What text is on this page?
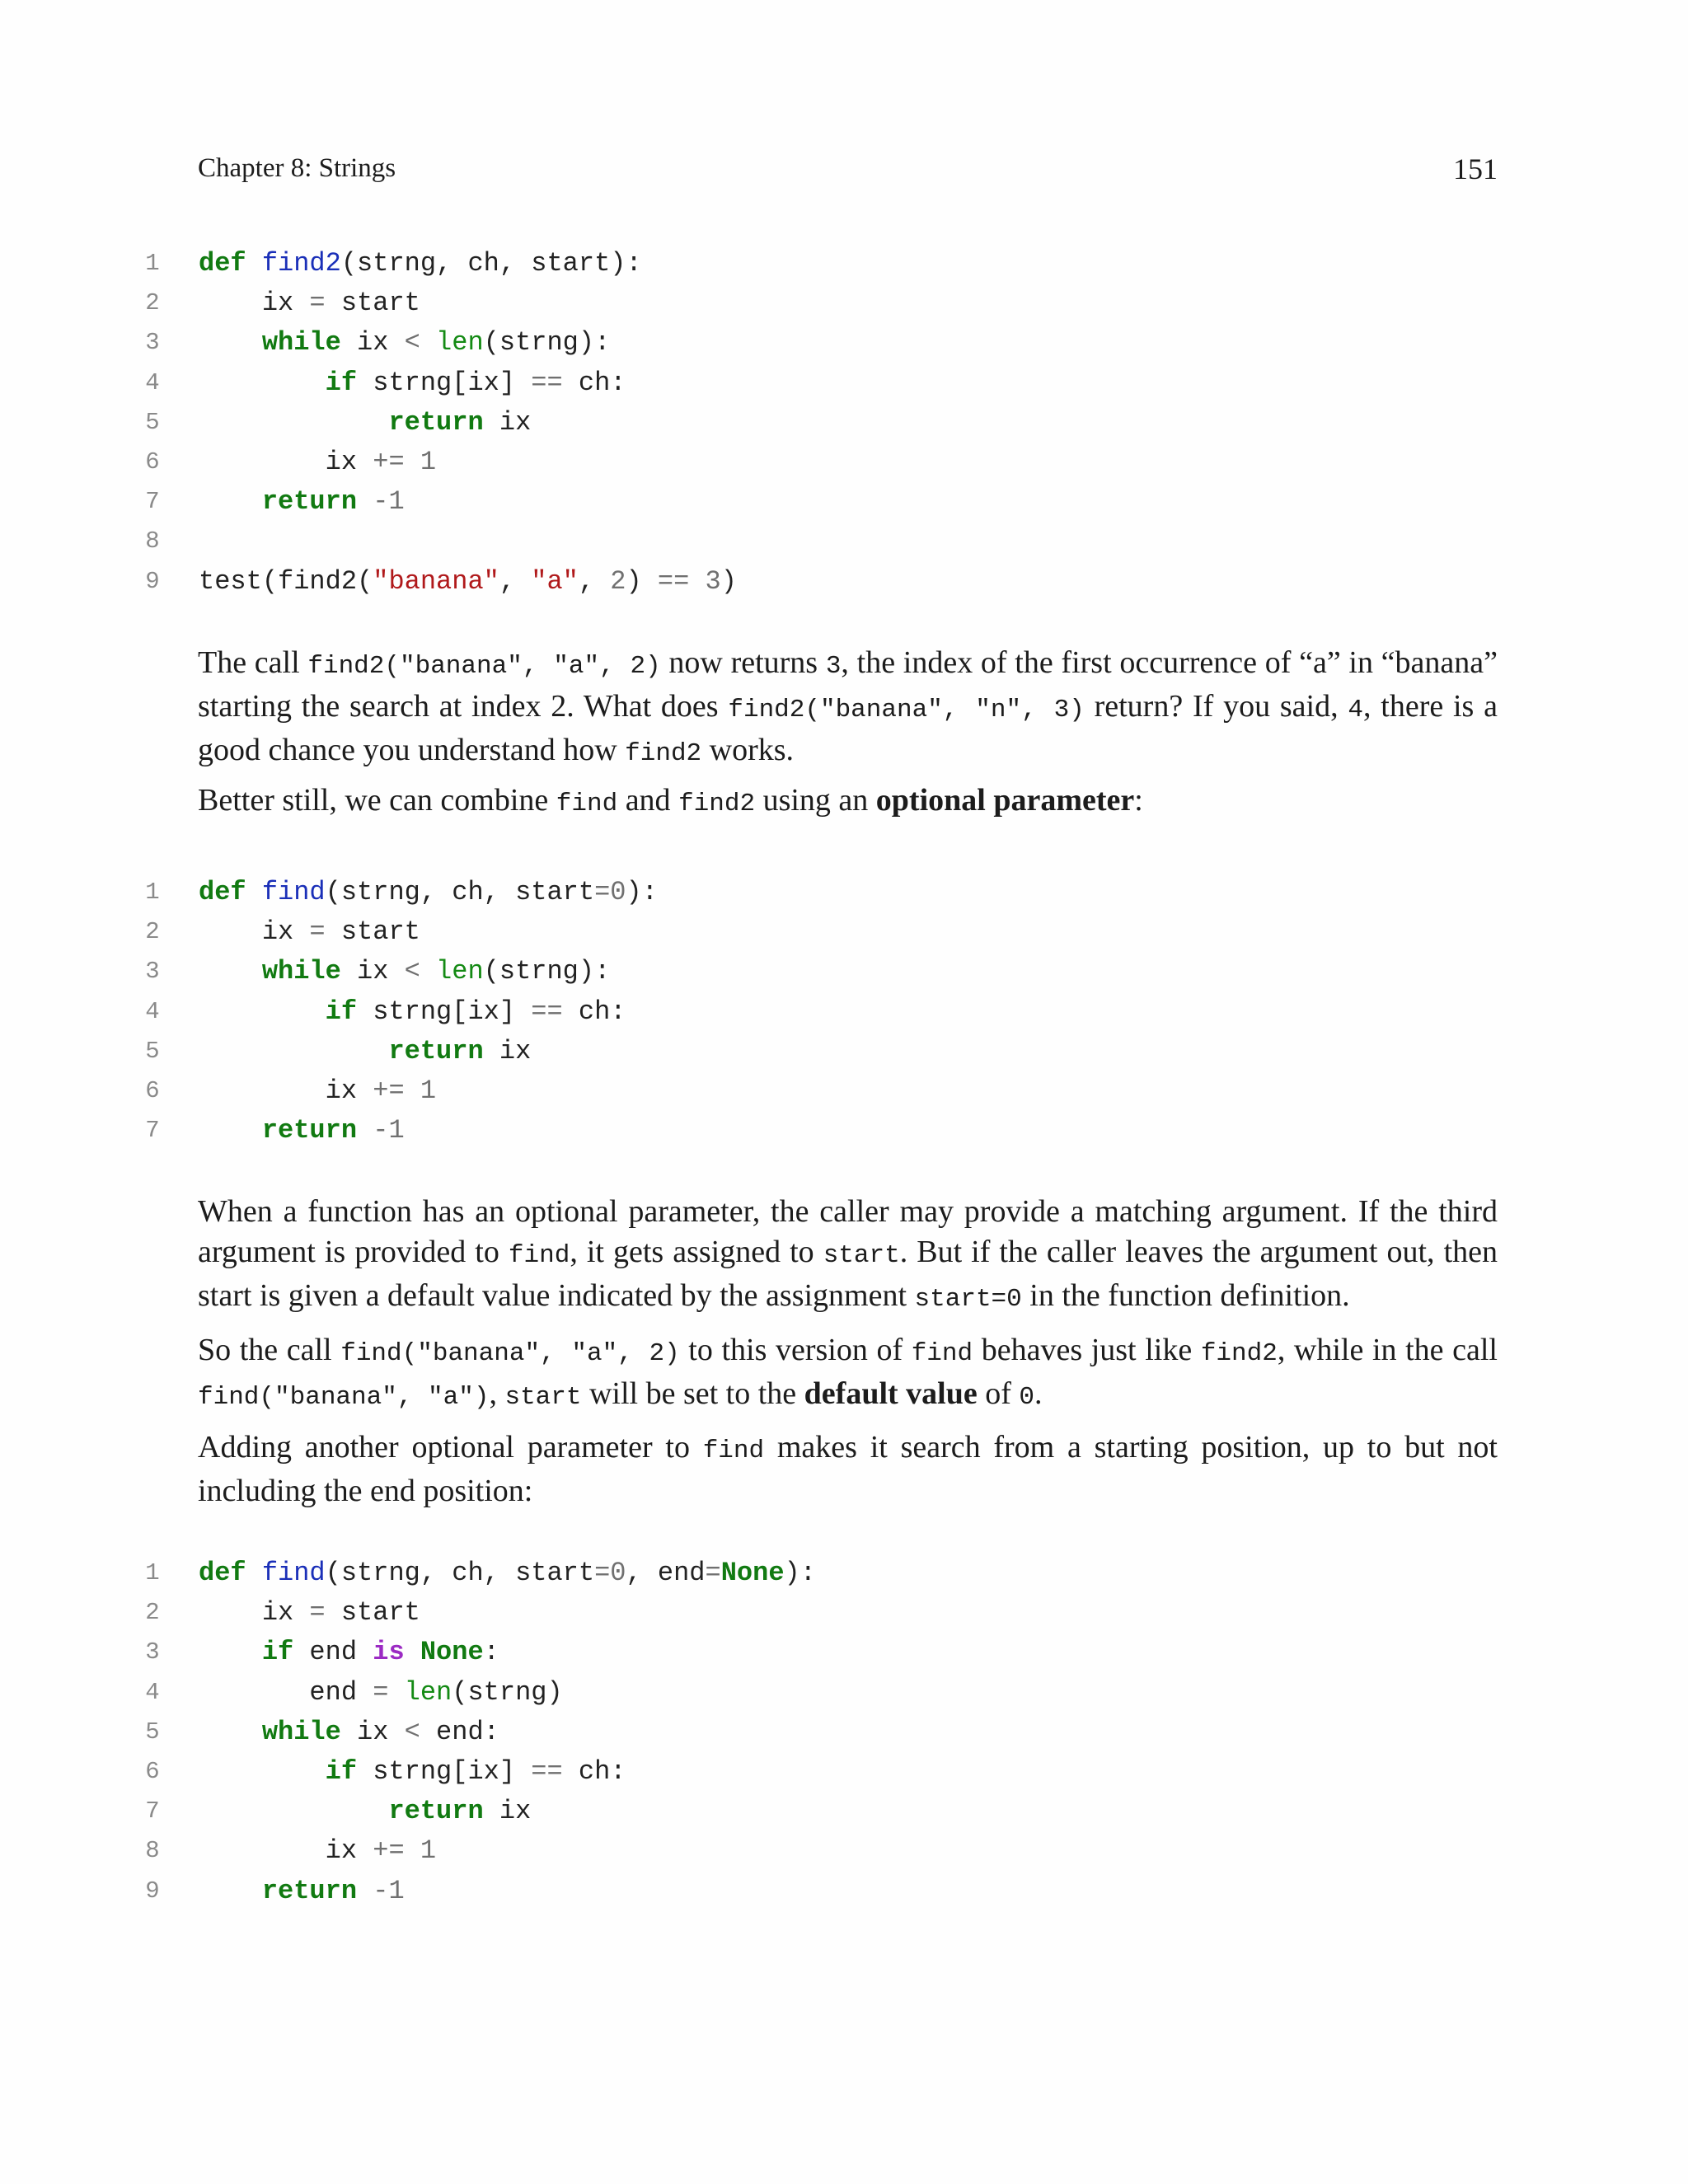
Chapter 8: Strings	151
1 def find2(strng, ch, start):
2	ix = start
3	while ix < len(strng):
4	if strng[ix] == ch:
5	return ix
6	ix += 1
7	return -1
8
9 test(find2("banana", "a", 2) == 3)

The call find2("banana", "a", 2) now returns 3, the index of the first occurrence of “a” in “banana” starting the search at index 2. What does find2("banana", "n", 3) return? If you said, 4, there is a good chance you understand how find2 works.

Better still, we can combine find and find2 using an optional parameter:

1 def find(strng, ch, start=0):
2	ix = start
3	while ix < len(strng):
4	if strng[ix] == ch:
5	return ix
6	ix += 1
7	return -1

When a function has an optional parameter, the caller may provide a matching argument. If the third argument is provided to find, it gets assigned to start. But if the caller leaves the argument out, then start is given a default value indicated by the assignment start=0 in the function definition.

So the call find("banana", "a", 2) to this version of find behaves just like find2, while in the call find("banana", "a"), start will be set to the default value of 0.

Adding another optional parameter to find makes it search from a starting position, up to but not including the end position:

1 def find(strng, ch, start=0, end=None):
2	ix = start
3	if end is None:
4	end = len(strng)
5	while ix < end:
6	if strng[ix] == ch:
7	return ix
8	ix += 1
9	return -1
